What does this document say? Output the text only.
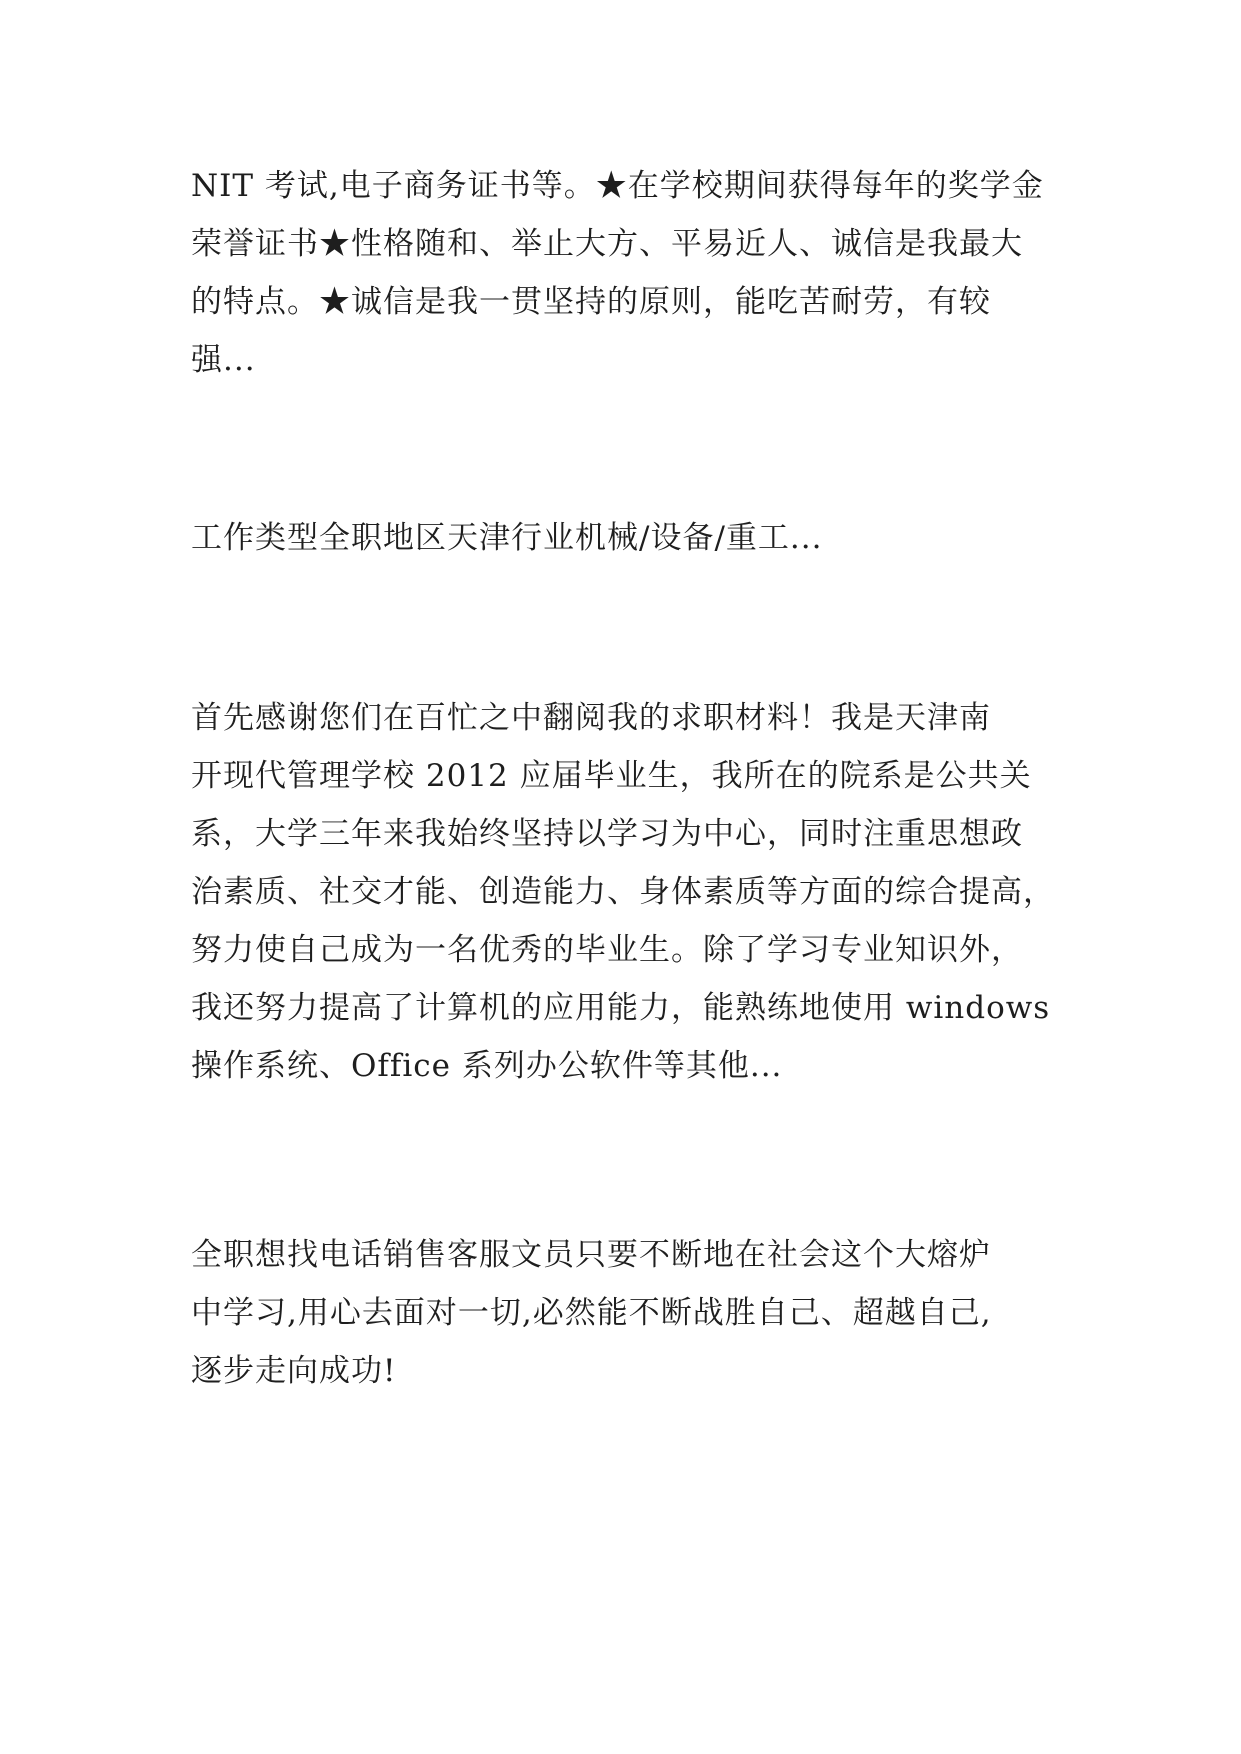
NIT 考试,电子商务证书等。★在学校期间获得每年的奖学金
荣誉证书★性格随和、举止大方、平易近人、诚信是我最大
的特点。★诚信是我一贯坚持的原则，能吃苦耐劳，有较
强...
工作类型全职地区天津行业机械/设备/重工...
首先感谢您们在百忙之中翻阅我的求职材料！我是天津南
开现代管理学校 2012 应届毕业生，我所在的院系是公共关
系，大学三年来我始终坚持以学习为中心，同时注重思想政
治素质、社交才能、创造能力、身体素质等方面的综合提高，
努力使自己成为一名优秀的毕业生。除了学习专业知识外，
我还努力提高了计算机的应用能力，能熟练地使用 windows
操作系统、Office 系列办公软件等其他...
全职想找电话销售客服文员只要不断地在社会这个大熔炉
中学习,用心去面对一切,必然能不断战胜自己、超越自己,
逐步走向成功!
